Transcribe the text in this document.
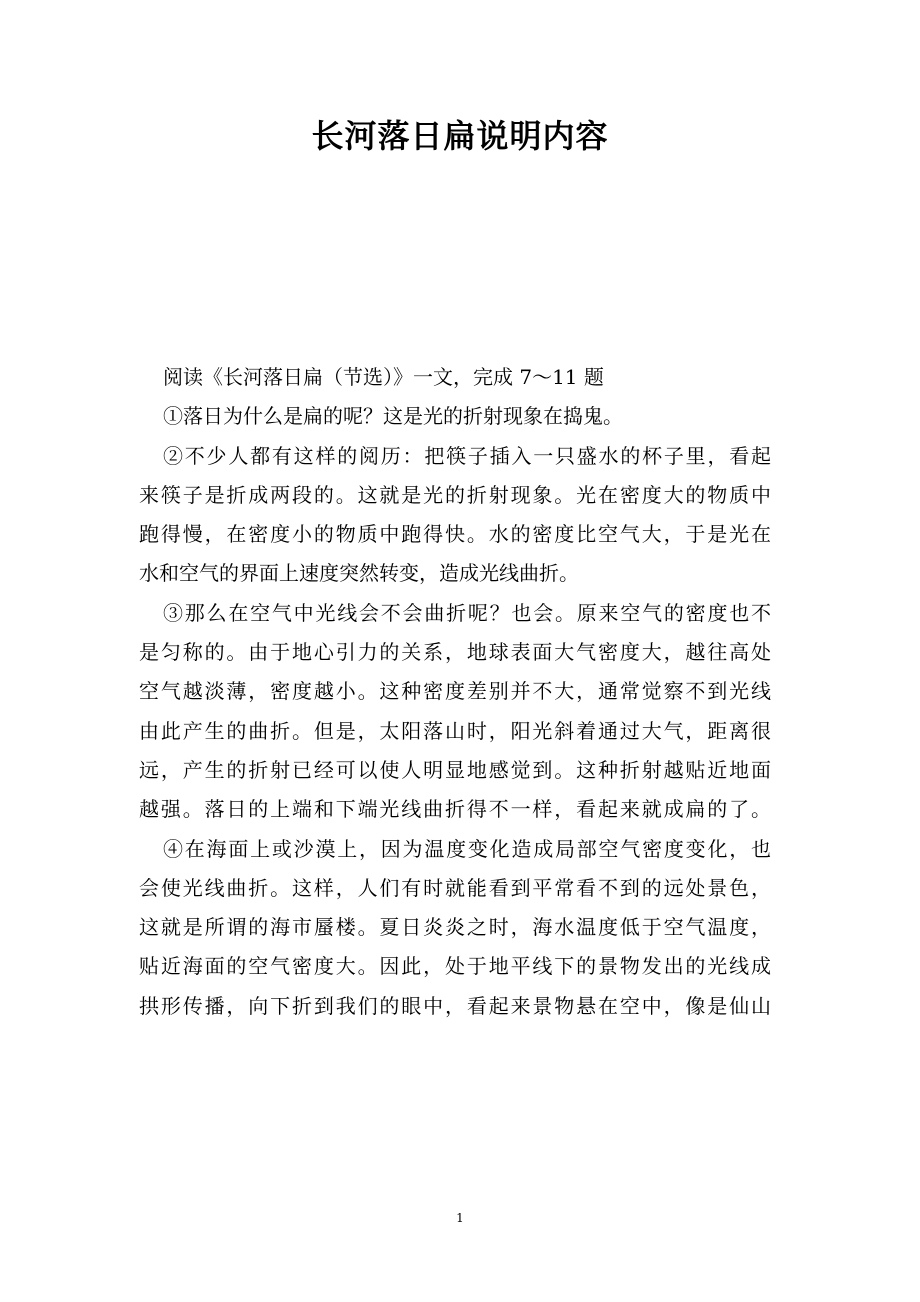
长河落日扁说明内容
阅读《长河落日扁（节选）》一文，完成 7～11 题
①落日为什么是扁的呢？这是光的折射现象在捣鬼。
②不少人都有这样的阅历：把筷子插入一只盛水的杯子里，看起
来筷子是折成两段的。这就是光的折射现象。光在密度大的物质中
跑得慢，在密度小的物质中跑得快。水的密度比空气大，于是光在
水和空气的界面上速度突然转变，造成光线曲折。
③那么在空气中光线会不会曲折呢？也会。原来空气的密度也不
是匀称的。由于地心引力的关系，地球表面大气密度大，越往高处
空气越淡薄，密度越小。这种密度差别并不大，通常觉察不到光线
由此产生的曲折。但是，太阳落山时，阳光斜着通过大气，距离很
远，产生的折射已经可以使人明显地感觉到。这种折射越贴近地面
越强。落日的上端和下端光线曲折得不一样，看起来就成扁的了。
④在海面上或沙漠上，因为温度变化造成局部空气密度变化，也
会使光线曲折。这样，人们有时就能看到平常看不到的远处景色，
这就是所谓的海市蜃楼。夏日炎炎之时，海水温度低于空气温度，
贴近海面的空气密度大。因此，处于地平线下的景物发出的光线成
拱形传播，向下折到我们的眼中，看起来景物悬在空中，像是仙山
1
